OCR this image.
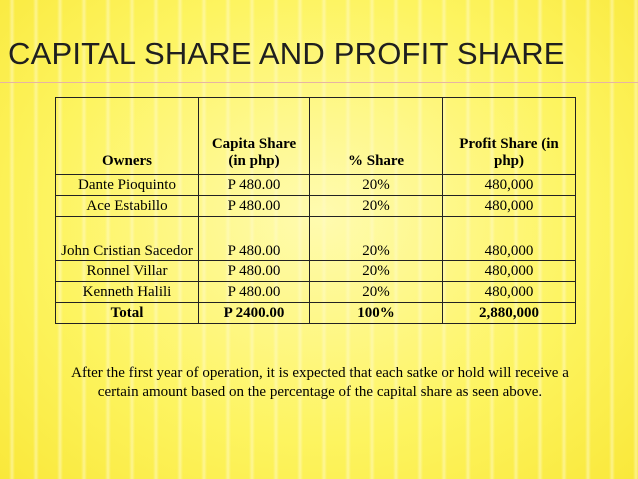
CAPITAL SHARE AND PROFIT SHARE
Owners	Capita Share (in php)	% Share	Profit Share (in php)
Dante Pioquinto	P 480.00	20%	480,000
Ace Estabillo	P 480.00	20%	480,000
John Cristian Sacedor	P 480.00	20%	480,000
Ronnel Villar	P 480.00	20%	480,000
Kenneth Halili	P 480.00	20%	480,000
Total	P 2400.00	100%	2,880,000
After the first year of operation, it is expected that each satke or hold will receive a certain amount based on the percentage of the capital share as seen above.
